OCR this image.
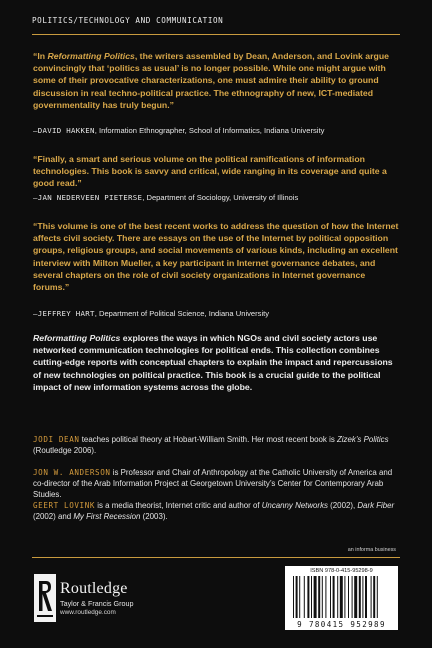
POLITICS/TECHNOLOGY AND COMMUNICATION
“In Reformatting Politics, the writers assembled by Dean, Anderson, and Lovink argue convincingly that ‘politics as usual’ is no longer possible. While one might argue with some of their provocative characterizations, one must admire their ability to ground discussion in real techno-political practice. The ethnography of new, ICT-mediated governmentality has truly begun.”
—DAVID HAKKEN, Information Ethnographer, School of Informatics, Indiana University
“Finally, a smart and serious volume on the political ramifications of information technologies. This book is savvy and critical, wide ranging in its coverage and quite a good read.”
—JAN NEDERVEEN PIETERSE, Department of Sociology, University of Illinois
“This volume is one of the best recent works to address the question of how the Internet affects civil society. There are essays on the use of the Internet by political opposition groups, religious groups, and social movements of various kinds, including an excellent interview with Milton Mueller, a key participant in Internet governance debates, and several chapters on the role of civil society organizations in Internet governance forums.”
—JEFFREY HART, Department of Political Science, Indiana University
Reformatting Politics explores the ways in which NGOs and civil society actors use networked communication technologies for political ends. This collection combines cutting-edge reports with conceptual chapters to explain the impact and repercussions of new technologies on political practice. This book is a crucial guide to the political impact of new information systems across the globe.
JODI DEAN teaches political theory at Hobart-William Smith. Her most recent book is Zizek’s Politics (Routledge 2006).
JON W. ANDERSON is Professor and Chair of Anthropology at the Catholic University of America and co-director of the Arab Information Project at Georgetown University’s Center for Contemporary Arab Studies.
GEERT LOVINK is a media theorist, Internet critic and author of Uncanny Networks (2002), Dark Fiber (2002) and My First Recession (2003).
an informa business
Routledge
Taylor & Francis Group
www.routledge.com
ISBN 978-0-415-95298-9
9 780415 952989
